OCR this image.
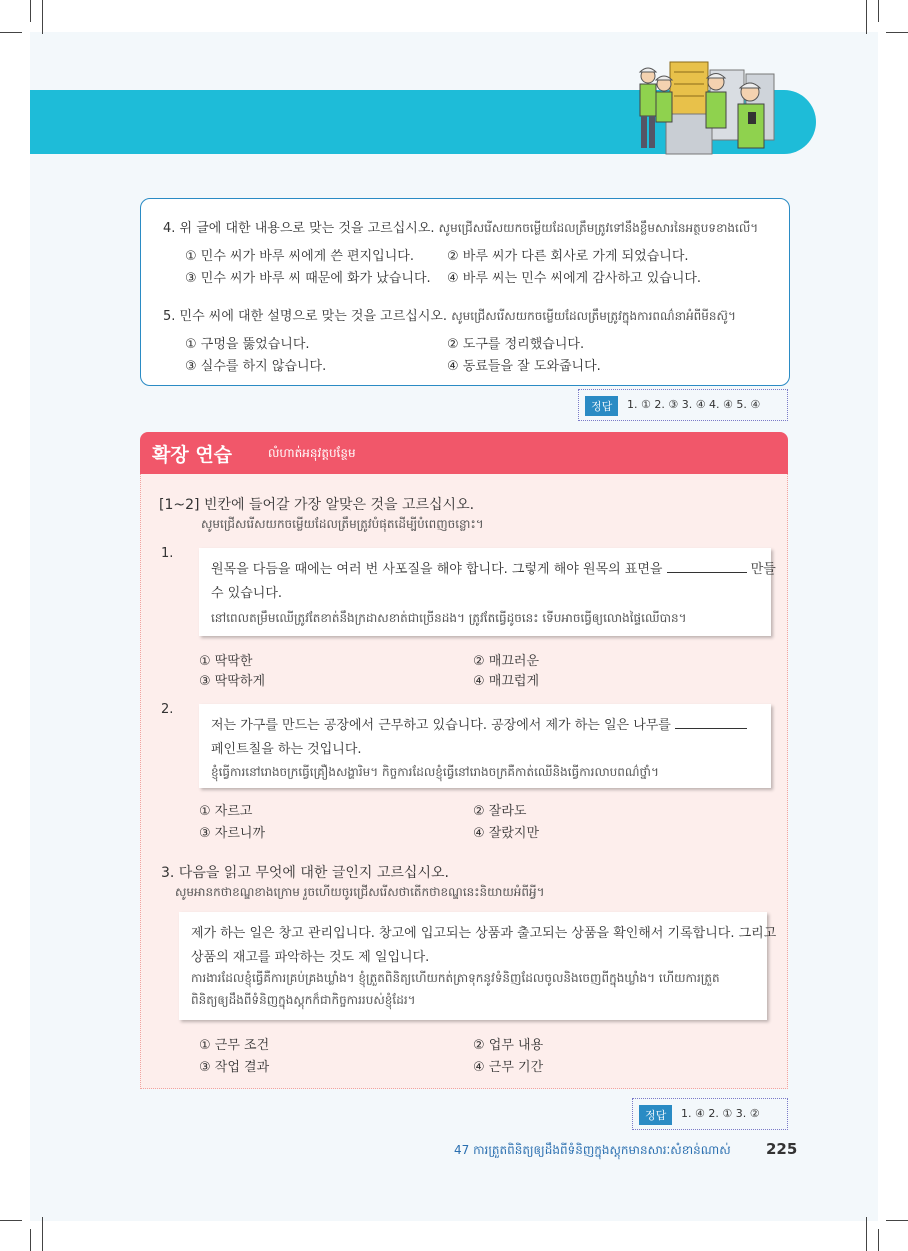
4. 위 글에 대한 내용으로 맞는 것을 고르십시오. សូមជ្រើសរើសយកចម្លើយដែលត្រឹមត្រូវទៅនឹងខ្លឹមសារនៃអត្ថបទខាងលើ។
① 민수 씨가 바루 씨에게 쓴 편지입니다.	② 바루 씨가 다른 회사로 가게 되었습니다.
③ 민수 씨가 바루 씨 때문에 화가 났습니다. ④ 바루 씨는 민수 씨에게 감사하고 있습니다.
5. 민수 씨에 대한 설명으로 맞는 것을 고르십시오. សូមជ្រើសរើសយកចម្លើយដែលត្រឹមត្រូវក្នុងការពណ៌នាអំពីមីនស៊ូ។
① 구멍을 뚫었습니다.	② 도구를 정리했습니다.
③ 실수를 하지 않습니다.	④ 동료들을 잘 도와줍니다.
정답	1. ① 2. ③ 3. ④ 4. ④ 5. ④
확장 연습	លំហាត់អនុវត្តបន្ថែម
[1~2] 빈칸에 들어갈 가장 알맞은 것을 고르십시오.
សូមជ្រើសរើសយកចម្លើយដែលត្រឹមត្រូវបំផុតដើម្បីបំពេញចន្លោះ។
1.
원목을 다듬을 때에는 여러 번 사포질을 해야 합니다. 그렇게 해야 원목의 표면을	만들
수 있습니다.
នៅពេលតម្រឹមឈើត្រូវតែខាត់នឹងក្រដាសខាត់ជាច្រើនដង។ ត្រូវតែធ្វើដូចនេះ ទើបអាចធ្វើឲ្យលោងផ្ទៃឈើបាន។
① 딱딱한	② 매끄러운
③ 딱딱하게	④ 매끄럽게
2.
저는 가구를 만드는 공장에서 근무하고 있습니다. 공장에서 제가 하는 일은 나무를
페인트칠을 하는 것입니다.
ខ្ញុំធ្វើការនៅរោងចក្រធ្វើគ្រឿងសង្ហារិម។ កិច្ចការដែលខ្ញុំធ្វើនៅរោងចក្រគឺកាត់ឈើនិងធ្វើការលាបពណ៌ថ្នាំ។
① 자르고	② 잘라도
③ 자르니까	④ 잘랐지만
3. 다음을 읽고 무엇에 대한 글인지 고르십시오.
សូមអានកថាខណ្ឌខាងក្រោម រួចហើយចូរជ្រើសរើសថាតើកថាខណ្ឌនេះនិយាយអំពីអ្វី។
제가 하는 일은 창고 관리입니다. 창고에 입고되는 상품과 출고되는 상품을 확인해서 기록합니다. 그리고
상품의 재고를 파악하는 것도 제 일입니다.
ការងារដែលខ្ញុំធ្វើគឺការគ្រប់គ្រងឃ្លាំង។ ខ្ញុំត្រួតពិនិត្យហើយកត់ត្រាទុកនូវទំនិញដែលចូលនិងចេញពីក្នុងឃ្លាំង។ ហើយការត្រួត
ពិនិត្យឲ្យដឹងពីទំនិញក្នុងស្តុកក៏ជាកិច្ចការរបស់ខ្ញុំដែរ។
① 근무 조건	② 업무 내용
③ 작업 결과	④ 근무 기간
정답	1. ④ 2. ① 3. ②
47 ការត្រួតពិនិត្យឲ្យដឹងពីទំនិញក្នុងស្តុកមានសារៈសំខាន់ណាស់ 225
